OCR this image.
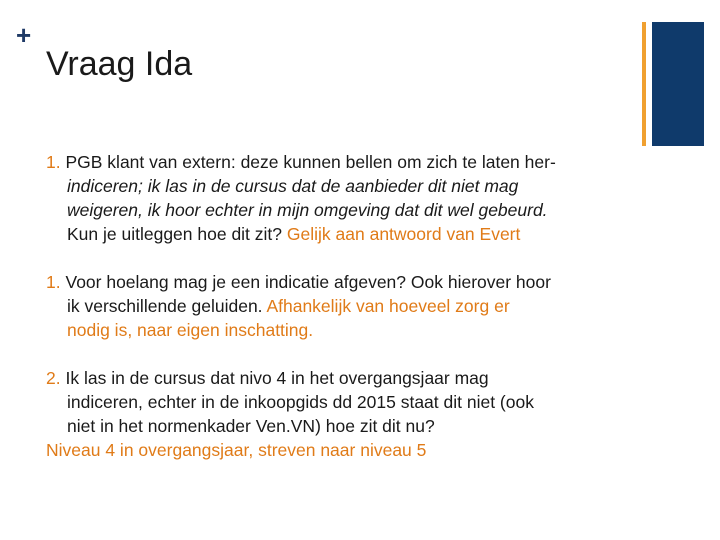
+
Vraag Ida
1. PGB klant van extern: deze kunnen bellen om zich te laten her-
indiceren; ik las in de cursus dat de aanbieder dit niet mag
weigeren, ik hoor echter in mijn omgeving dat dit wel gebeurd.
Kun je uitleggen hoe dit zit? Gelijk aan antwoord van Evert
1. Voor hoelang mag je een indicatie afgeven? Ook hierover hoor
ik verschillende geluiden. Afhankelijk van hoeveel zorg er
nodig is, naar eigen inschatting.
2. Ik las in de cursus dat nivo 4 in het overgangsjaar mag
indiceren, echter in de inkoopgids dd 2015 staat dit niet (ook
niet in het normenkader Ven.VN) hoe zit dit nu?
Niveau 4 in overgangsjaar, streven naar niveau 5
